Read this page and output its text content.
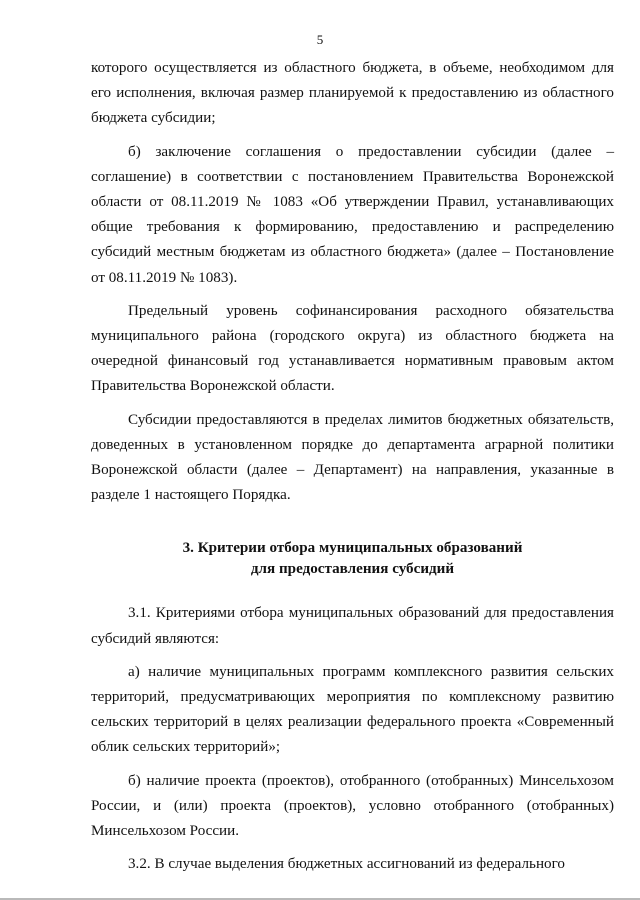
5

которого осуществляется из областного бюджета, в объеме, необходимом для его исполнения, включая размер планируемой к предоставлению из областного бюджета субсидии;

б) заключение соглашения о предоставлении субсидии (далее – соглашение) в соответствии с постановлением Правительства Воронежской области от 08.11.2019 № 1083 «Об утверждении Правил, устанавливающих общие требования к формированию, предоставлению и распределению субсидий местным бюджетам из областного бюджета» (далее – Постановление от 08.11.2019 № 1083).

Предельный уровень софинансирования расходного обязательства муниципального района (городского округа) из областного бюджета на очередной финансовый год устанавливается нормативным правовым актом Правительства Воронежской области.

Субсидии предоставляются в пределах лимитов бюджетных обязательств, доведенных в установленном порядке до департамента аграрной политики Воронежской области (далее – Департамент) на направления, указанные в разделе 1 настоящего Порядка.

3. Критерии отбора муниципальных образований
для предоставления субсидий

3.1. Критериями отбора муниципальных образований для предоставления субсидий являются:

а) наличие муниципальных программ комплексного развития сельских территорий, предусматривающих мероприятия по комплексному развитию сельских территорий в целях реализации федерального проекта «Современный облик сельских территорий»;

б) наличие проекта (проектов), отобранного (отобранных) Минсельхозом России, и (или) проекта (проектов), условно отобранного (отобранных) Минсельхозом России.

3.2. В случае выделения бюджетных ассигнований из федерального
